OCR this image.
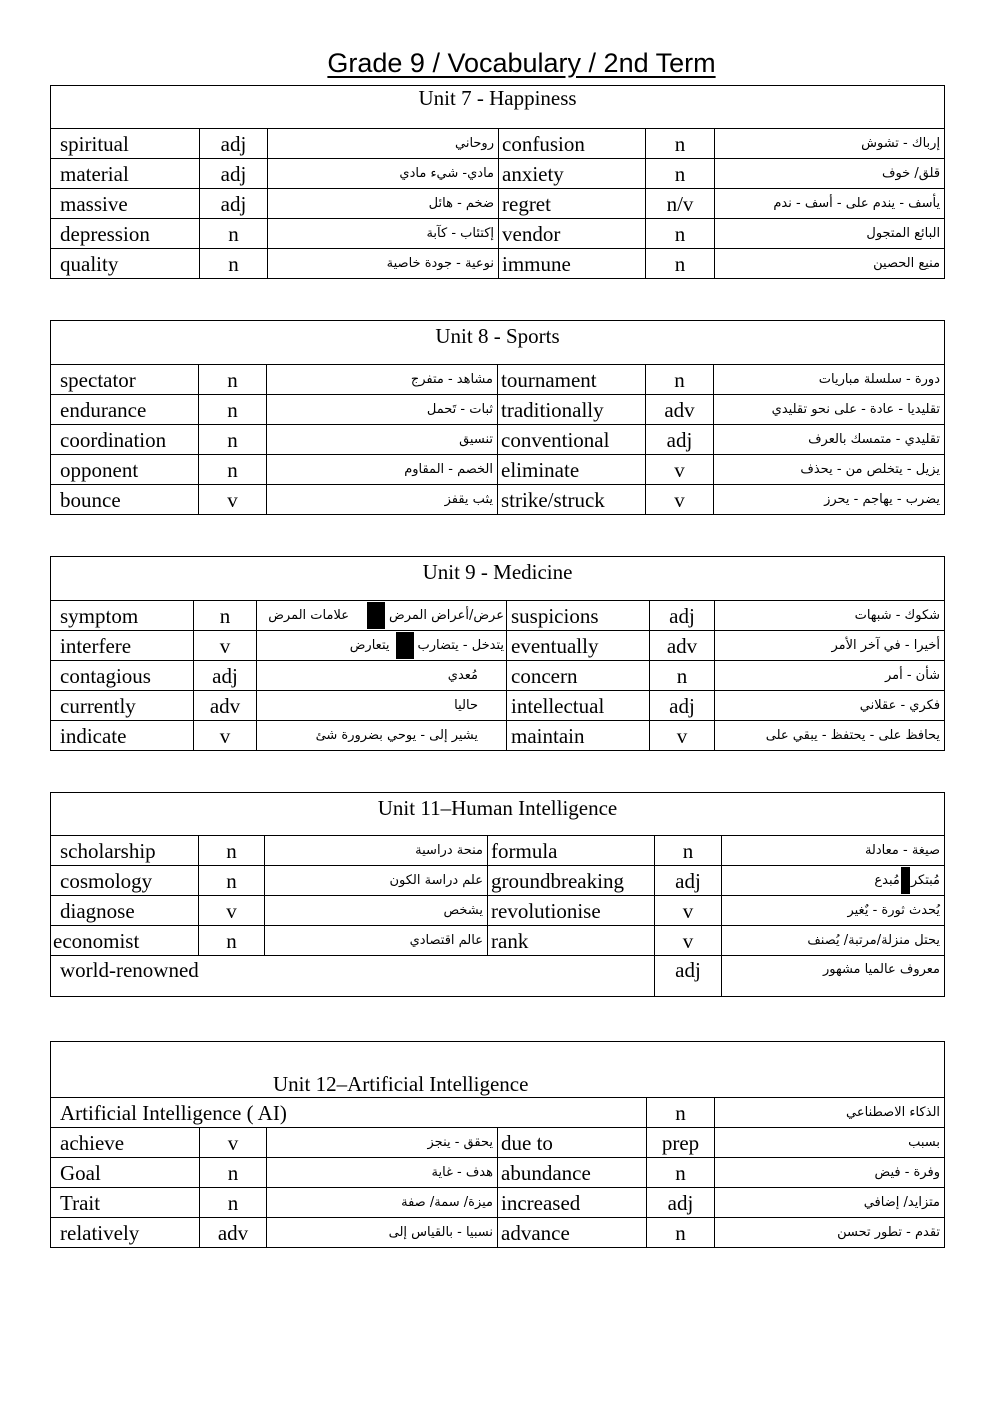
Grade 9 / Vocabulary / 2nd Term
Unit 7 - Happiness					
spiritual	adj	روحاني	confusion	n	إرباك - تشوش
material	adj	مادي- شيء مادي	anxiety	n	قلق/ خوف
massive	adj	ضخم - هائل	regret	n/v	يأسف - يندم على - أسف - ندم
depression	n	إكتئاب - كآبة	vendor	n	البائع المتجول
quality	n	نوعية - جودة خاصية	immune	n	منيع الحصين
Unit 8 - Sports					
spectator	n	مشاهد - متفرج	tournament	n	دورة - سلسلة مباريات
endurance	n	ثبات - تَحمل	traditionally	adv	تقليديا - عادة - على نحو تقليدي
coordination	n	تنسيق	conventional	adj	تقليدي - متمسك بالعرف
opponent	n	الخصم - المقاوم	eliminate	v	يزيل - يتخلص من - يحذف
bounce	v	يثب يقفز	strike/struck	v	يضرب - يهاجم - يحرز
Unit 9 - Medicine					
symptom	n	عرض/أعراض المرضعلامات المرض	suspicions	adj	شكوك - شبهات
interfere	v	يتدخل - يتضاربيتعارض	eventually	adv	أخيرا - في آخر الأمر
contagious	adj	مُعدي	concern	n	شأن - أمر
currently	adv	حاليا	intellectual	adj	فكري - عقلاني
indicate	v	يشير إلى - يوحي بضرورة شئ	maintain	v	يحافظ على - يحتفظ - يبقي على
Unit 11–Human Intelligence					
scholarship	n	منحة دراسية	formula	n	صيغة - معادلة
cosmology	n	علم دراسة الكون	groundbreaking	adj	مُبتكرمُبدع
diagnose	v	يشخص	revolutionise	v	يُحدث ثورة - يٌغير
economist	n	عالم اقتصادي	rank	v	يحتل منزلة/مرتبة/ يُصنف
world-renowned				adj	معروف عالميا مشهور
Unit 12–Artificial Intelligence					
Artificial Intelligence ( AI)				n	الذكاء الاصطناعي
achieve	v	يحقق - ينجز	due to	prep	بسبب
Goal	n	هدف - غاية	abundance	n	وفرة - فيض
Trait	n	ميزة/ سمة/ صفة	increased	adj	متزايد/ إضافي
relatively	adv	نسبيا - بالقياس إلى	advance	n	تقدم - تطور تحسن
